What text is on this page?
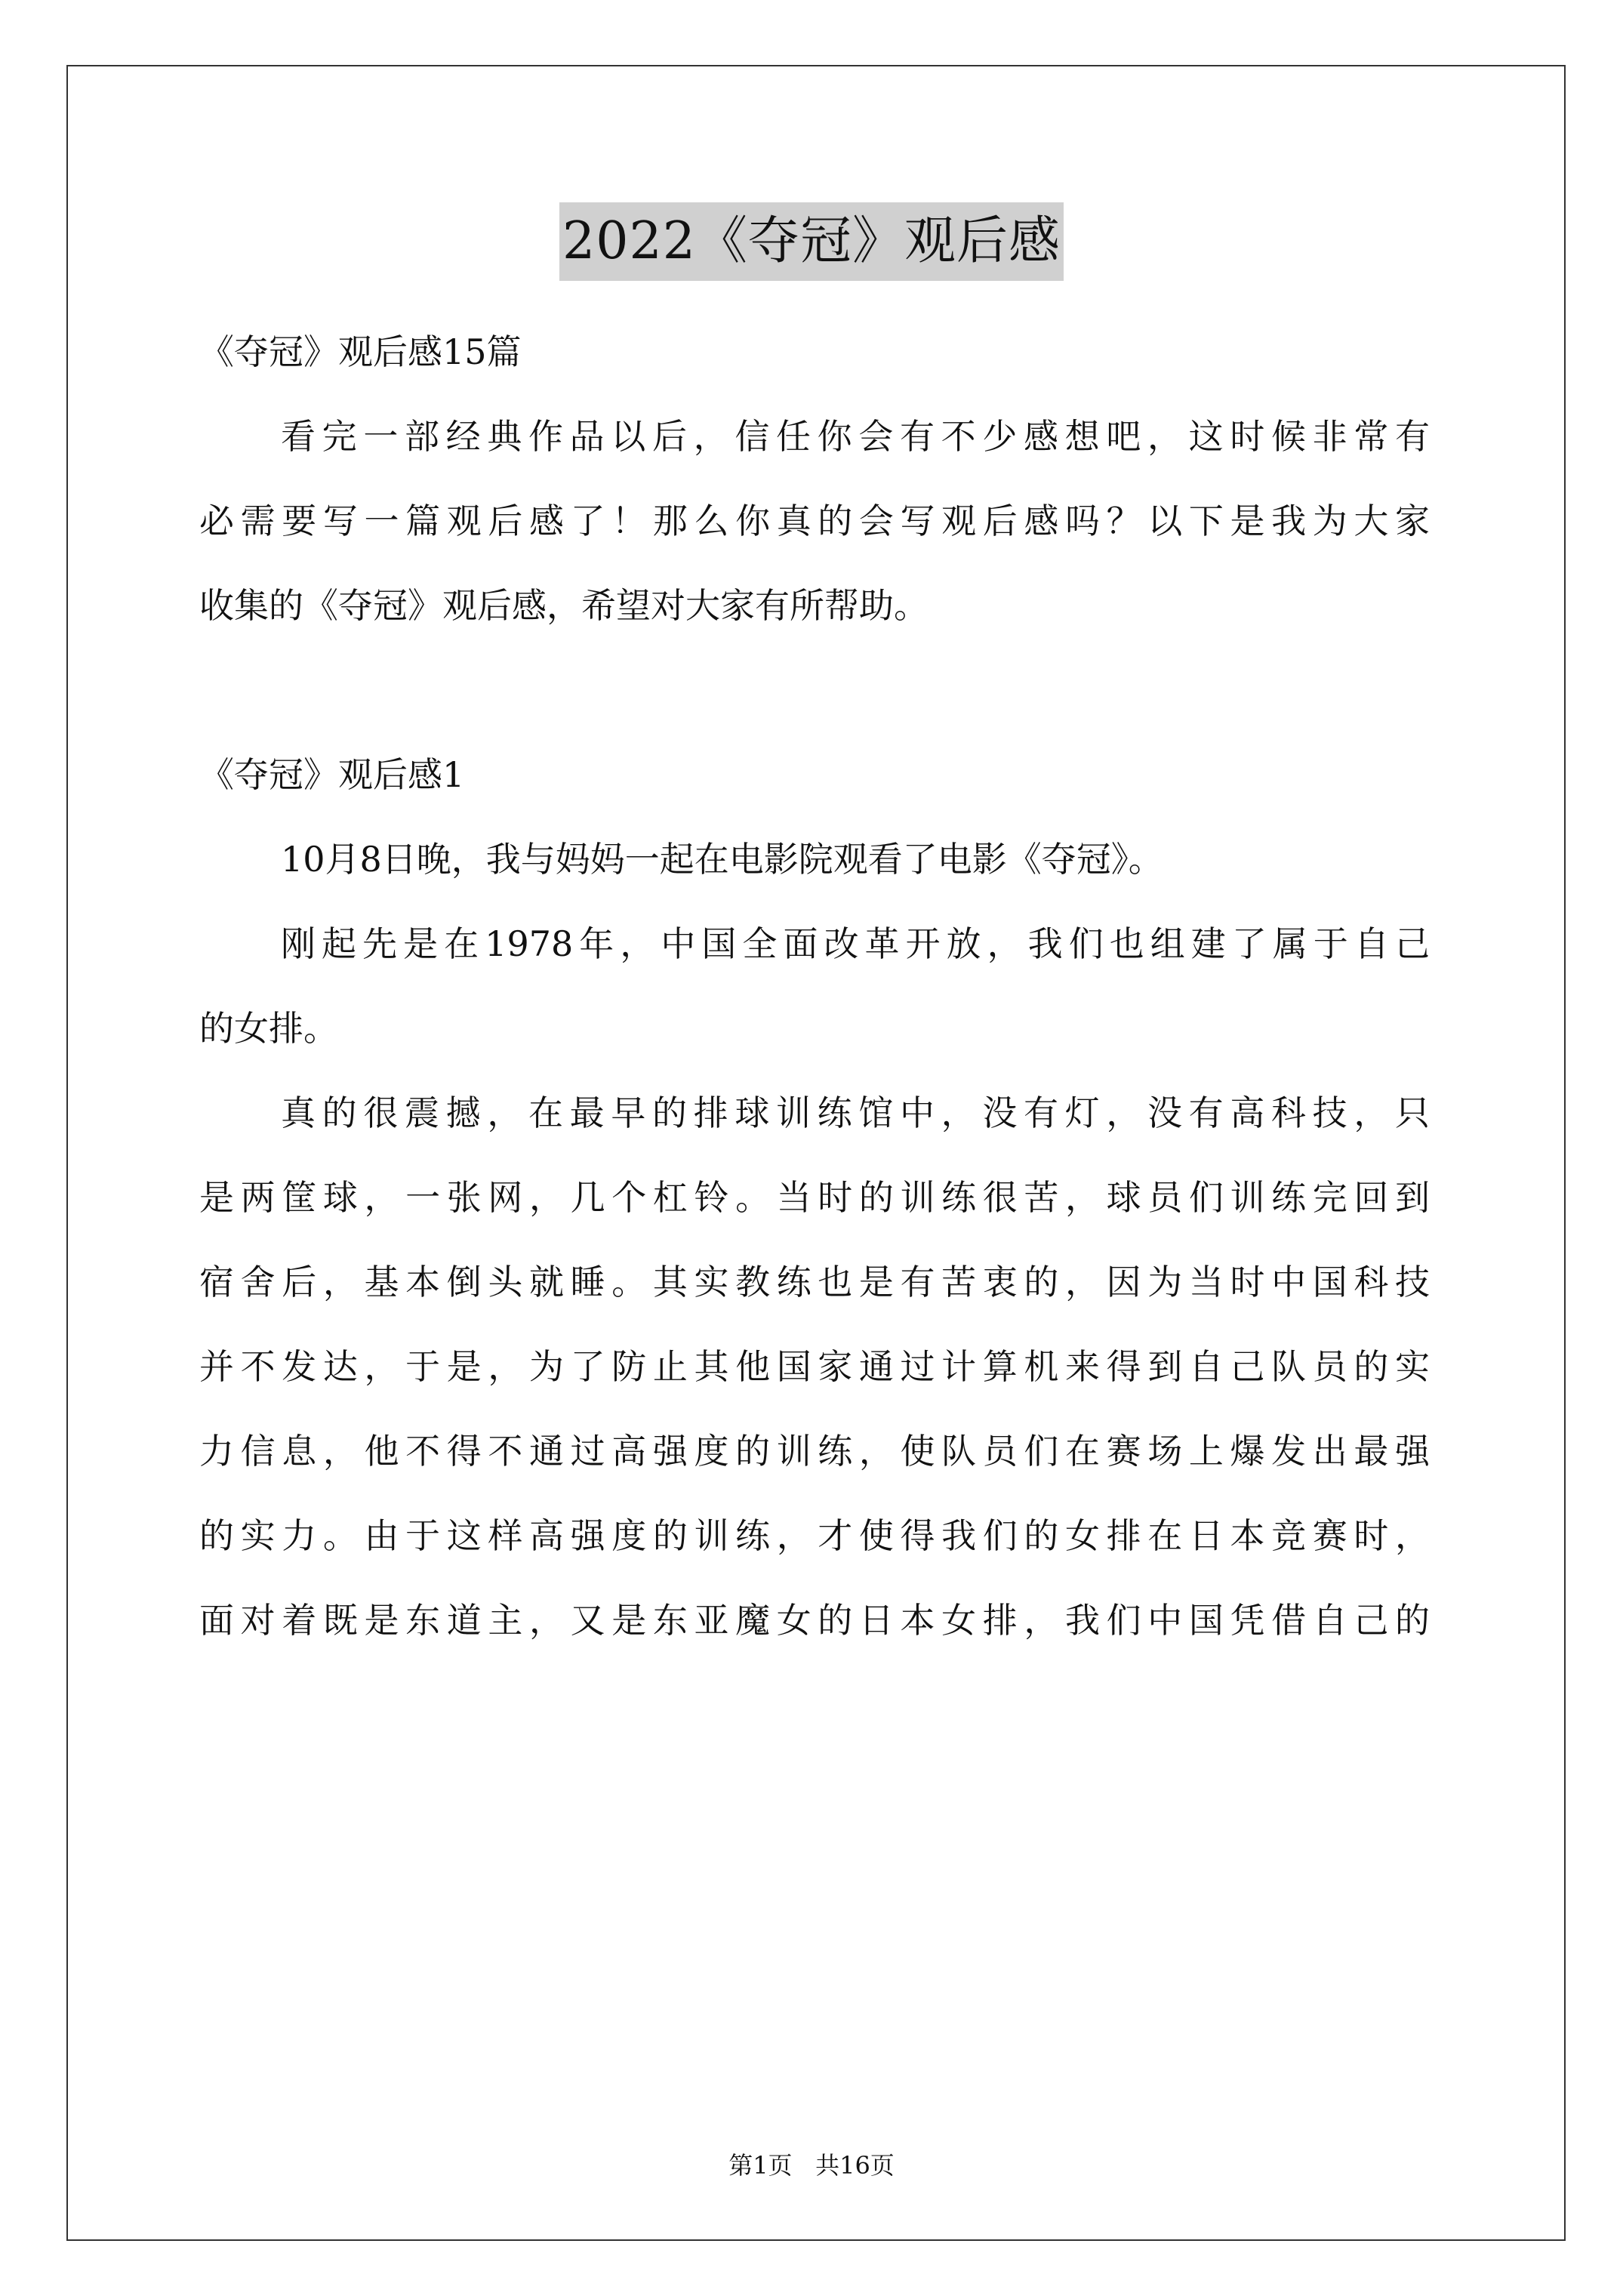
2022《夺冠》观后感
《夺冠》观后感15篇
看完一部经典作品以后，信任你会有不少感想吧，这时候非常有
必需要写一篇观后感了！那么你真的会写观后感吗？以下是我为大家
收集的《夺冠》观后感，希望对大家有所帮助。
《夺冠》观后感1
10月8日晚，我与妈妈一起在电影院观看了电影《夺冠》。
刚起先是在1978年，中国全面改革开放，我们也组建了属于自己
的女排。
真的很震撼，在最早的排球训练馆中，没有灯，没有高科技，只
是两筐球，一张网，几个杠铃。当时的训练很苦，球员们训练完回到
宿舍后，基本倒头就睡。其实教练也是有苦衷的，因为当时中国科技
并不发达，于是，为了防止其他国家通过计算机来得到自己队员的实
力信息，他不得不通过高强度的训练，使队员们在赛场上爆发出最强
的实力。由于这样高强度的训练，才使得我们的女排在日本竞赛时，
面对着既是东道主，又是东亚魔女的日本女排，我们中国凭借自己的
第1页 共16页
